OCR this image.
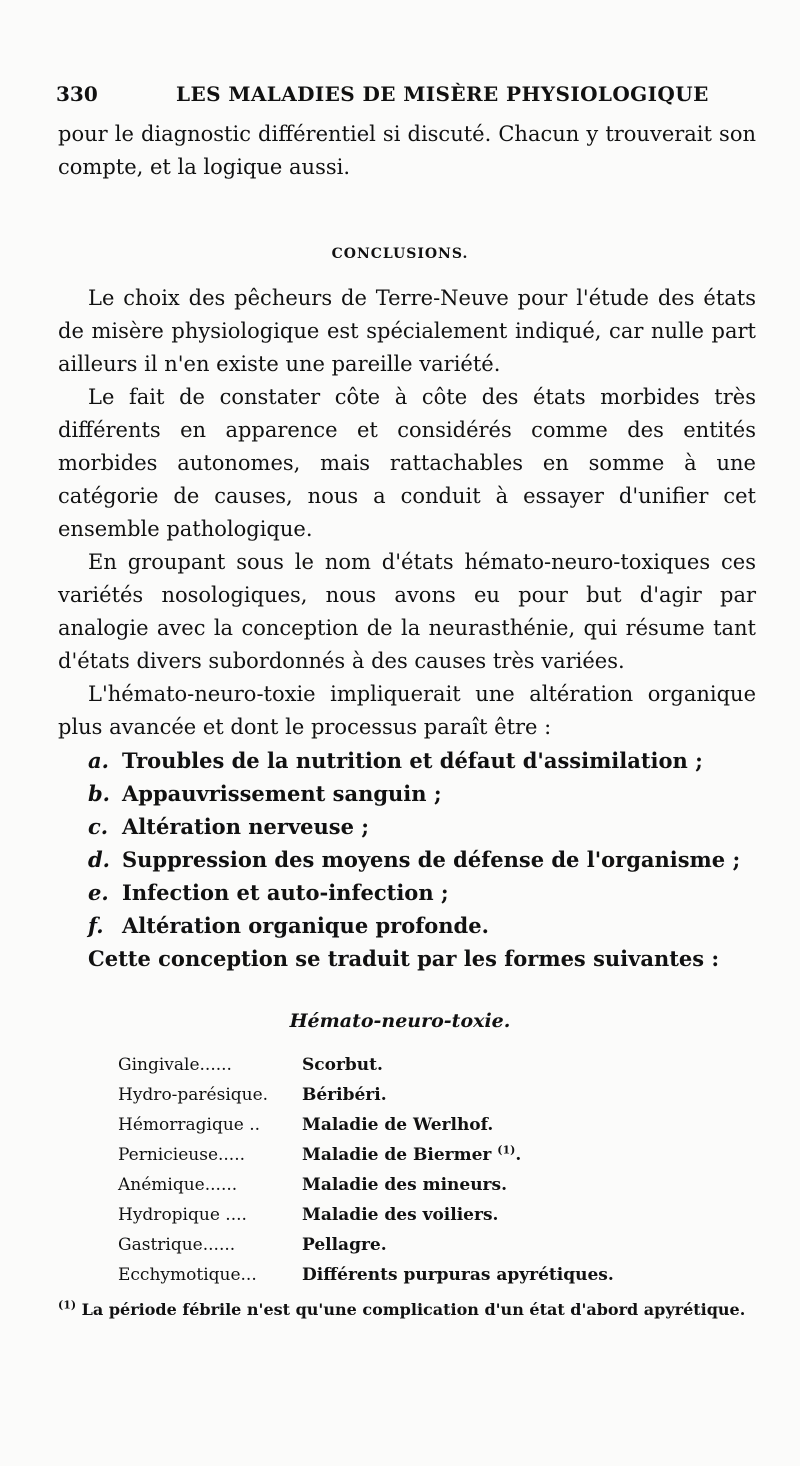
330	LES MALADIES DE MISÈRE PHYSIOLOGIQUE
pour le diagnostic différentiel si discuté. Chacun y trouverait son compte, et la logique aussi.
CONCLUSIONS.

Le choix des pêcheurs de Terre-Neuve pour l'étude des états de misère physiologique est spécialement indiqué, car nulle part ailleurs il n'en existe une pareille variété.

Le fait de constater côte à côte des états morbides très différents en apparence et considérés comme des entités morbides autonomes, mais rattachables en somme à une catégorie de causes, nous a conduit à essayer d'unifier cet ensemble pathologique.

En groupant sous le nom d'états hémato-neuro-toxiques ces variétés nosologiques, nous avons eu pour but d'agir par analogie avec la conception de la neurasthénie, qui résume tant d'états divers subordonnés à des causes très variées.

L'hémato-neuro-toxie impliquerait une altération organique plus avancée et dont le processus paraît être :

a. Troubles de la nutrition et défaut d'assimilation ;
b. Appauvrissement sanguin ;
c. Altération nerveuse ;
d. Suppression des moyens de défense de l'organisme ;
e. Infection et auto-infection ;
f. Altération organique profonde.

Cette conception se traduit par les formes suivantes :

Hémato-neuro-toxie.
Gingivale......	Scorbut.
Hydro-parésique.	Béribéri.
Hémorragique ..	Maladie de Werlhof.
Pernicieuse.....	Maladie de Biermer $^{(1)}$.
Anémique......	Maladie des mineurs.
Hydropique ....	Maladie des voiliers.
Gastrique......	Pellagre.
Ecchymotique...	Différents purpuras apyrétiques.
$^{(1)}$ La période fébrile n'est qu'une complication d'un état d'abord apyrétique.
